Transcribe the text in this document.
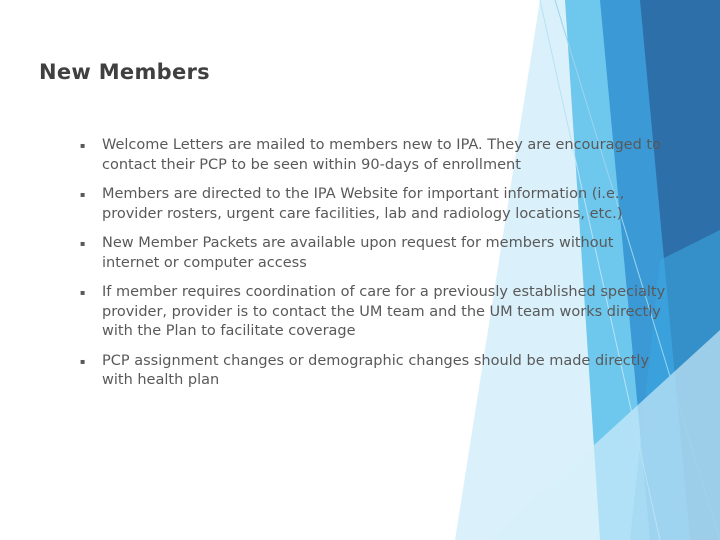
New Members
▪	Welcome Letters are mailed to members new to IPA. They are encouraged to contact their PCP to be seen within 90-days of enrollment
▪	Members are directed to the IPA Website for important information (i.e., provider rosters, urgent care facilities, lab and radiology locations, etc.)
▪	New Member Packets are available upon request for members without internet or computer access
▪	If member requires coordination of care for a previously established specialty provider, provider is to contact the UM team and the UM team works directly with the Plan to facilitate coverage
▪	PCP assignment changes or demographic changes should be made directly with health plan
